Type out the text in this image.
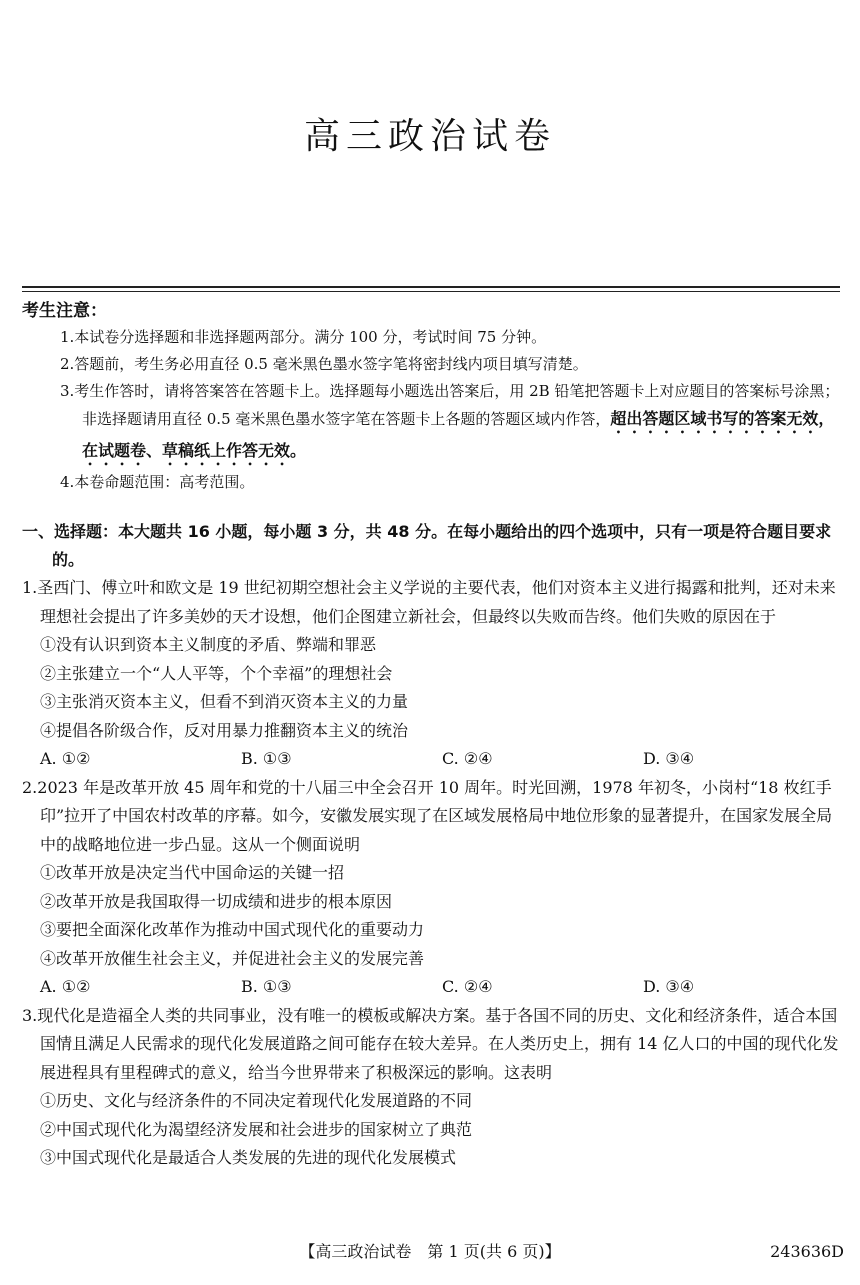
高三政治试卷

考生注意：

1.本试卷分选择题和非选择题两部分。满分 100 分，考试时间 75 分钟。
2.答题前，考生务必用直径 0.5 毫米黑色墨水签字笔将密封线内项目填写清楚。
3.考生作答时，请将答案答在答题卡上。选择题每小题选出答案后，用 2B 铅笔把答题卡上对应题目的答案标号涂黑；非选择题请用直径 0.5 毫米黑色墨水签字笔在答题卡上各题的答题区域内作答，超出答题区域书写的答案无效，在试题卷、草稿纸上作答无效。
4.本卷命题范围：高考范围。

一、选择题：本大题共 16 小题，每小题 3 分，共 48 分。在每小题给出的四个选项中，只有一项是符合题目要求的。

1.圣西门、傅立叶和欧文是 19 世纪初期空想社会主义学说的主要代表，他们对资本主义进行揭露和批判，还对未来理想社会提出了许多美妙的天才设想，他们企图建立新社会，但最终以失败而告终。他们失败的原因在于
①没有认识到资本主义制度的矛盾、弊端和罪恶
②主张建立一个“人人平等，个个幸福”的理想社会
③主张消灭资本主义，但看不到消灭资本主义的力量
④提倡各阶级合作，反对用暴力推翻资本主义的统治
A. ①②	B. ①③	C. ②④	D. ③④
2.2023 年是改革开放 45 周年和党的十八届三中全会召开 10 周年。时光回溯，1978 年初冬，小岗村“18 枚红手印”拉开了中国农村改革的序幕。如今，安徽发展实现了在区域发展格局中地位形象的显著提升，在国家发展全局中的战略地位进一步凸显。这从一个侧面说明
①改革开放是决定当代中国命运的关键一招
②改革开放是我国取得一切成绩和进步的根本原因
③要把全面深化改革作为推动中国式现代化的重要动力
④改革开放催生社会主义，并促进社会主义的发展完善
A. ①②	B. ①③	C. ②④	D. ③④
3.现代化是造福全人类的共同事业，没有唯一的模板或解决方案。基于各国不同的历史、文化和经济条件，适合本国国情且满足人民需求的现代化发展道路之间可能存在较大差异。在人类历史上，拥有 14 亿人口的中国的现代化发展进程具有里程碑式的意义，给当今世界带来了积极深远的影响。这表明
①历史、文化与经济条件的不同决定着现代化发展道路的不同
②中国式现代化为渴望经济发展和社会进步的国家树立了典范
③中国式现代化是最适合人类发展的先进的现代化发展模式
【高三政治试卷　第 1 页(共 6 页)】	243636D
